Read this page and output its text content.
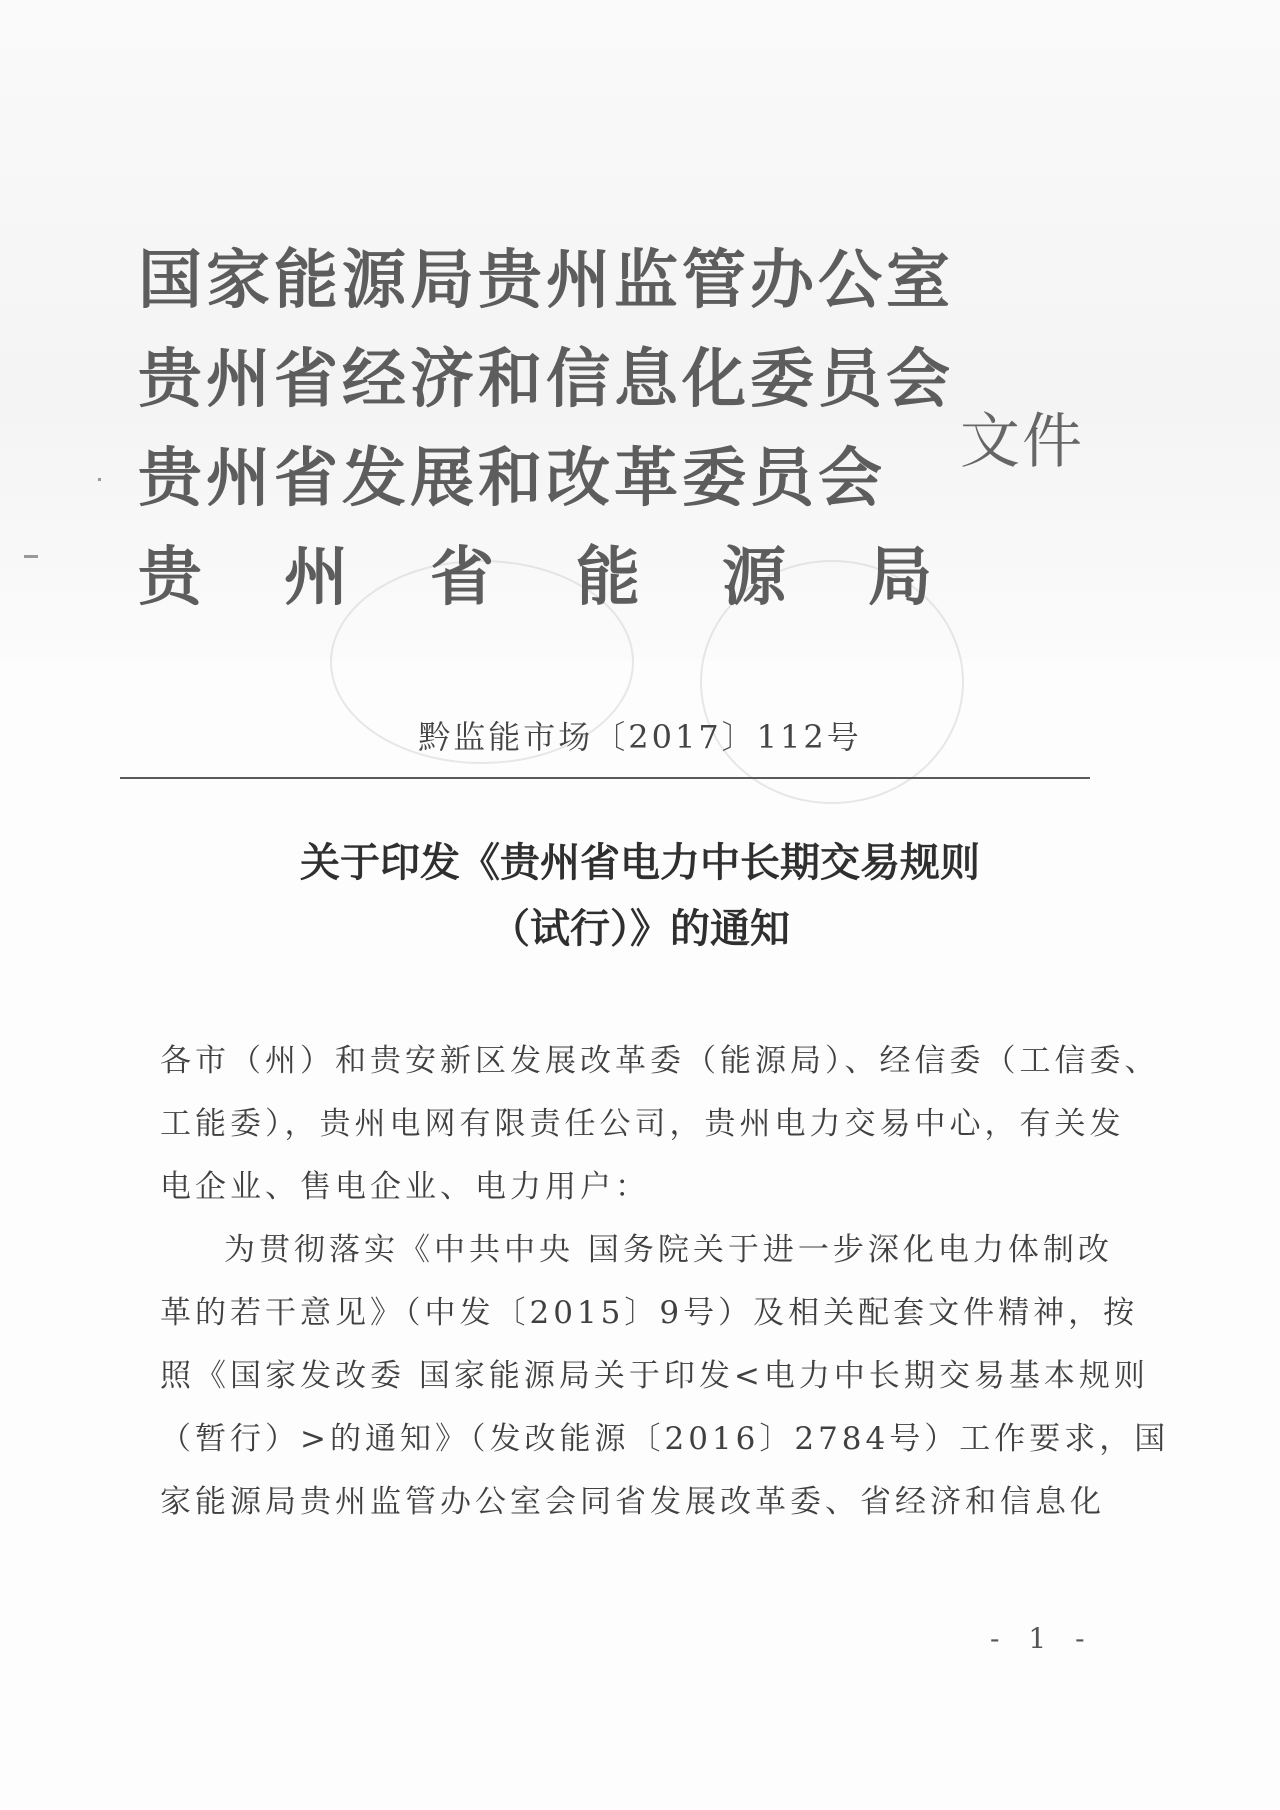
国家能源局贵州监管办公室
贵州省经济和信息化委员会
贵州省发展和改革委员会
贵州省能源局
文件
黔监能市场〔2017〕112号
关于印发《贵州省电力中长期交易规则
（试行）》的通知
各市（州）和贵安新区发展改革委（能源局）、经信委（工信委、
工能委），贵州电网有限责任公司，贵州电力交易中心，有关发
电企业、售电企业、电力用户：
为贯彻落实《中共中央 国务院关于进一步深化电力体制改
革的若干意见》（中发〔2015〕9号）及相关配套文件精神，按
照《国家发改委 国家能源局关于印发<电力中长期交易基本规则
（暂行）>的通知》（发改能源〔2016〕2784号）工作要求，国
家能源局贵州监管办公室会同省发展改革委、省经济和信息化
- 1 -
